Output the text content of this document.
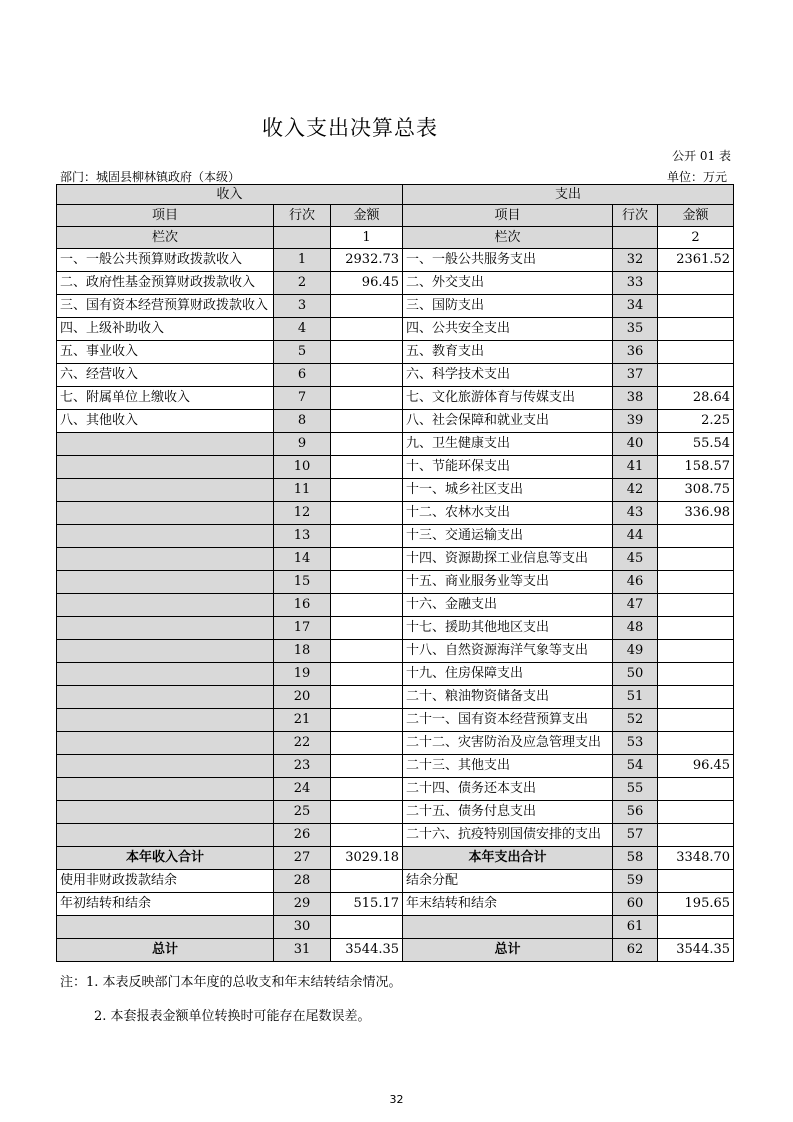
收入支出决算总表
公开 01 表
部门：城固县柳林镇政府（本级）	单位：万元
收入			支出		
项目	行次	金额	项目	行次	金额
栏次		1	栏次		2
一、一般公共预算财政拨款收入	1	2932.73	一、一般公共服务支出	32	2361.52
二、政府性基金预算财政拨款收入	2	96.45	二、外交支出	33	
三、国有资本经营预算财政拨款收入	3		三、国防支出	34	
四、上级补助收入	4		四、公共安全支出	35	
五、事业收入	5		五、教育支出	36	
六、经营收入	6		六、科学技术支出	37	
七、附属单位上缴收入	7		七、文化旅游体育与传媒支出	38	28.64
八、其他收入	8		八、社会保障和就业支出	39	2.25
	9		九、卫生健康支出	40	55.54
	10		十、节能环保支出	41	158.57
	11		十一、城乡社区支出	42	308.75
	12		十二、农林水支出	43	336.98
	13		十三、交通运输支出	44	
	14		十四、资源勘探工业信息等支出	45	
	15		十五、商业服务业等支出	46	
	16		十六、金融支出	47	
	17		十七、援助其他地区支出	48	
	18		十八、自然资源海洋气象等支出	49	
	19		十九、住房保障支出	50	
	20		二十、粮油物资储备支出	51	
	21		二十一、国有资本经营预算支出	52	
	22		二十二、灾害防治及应急管理支出	53	
	23		二十三、其他支出	54	96.45
	24		二十四、债务还本支出	55	
	25		二十五、债务付息支出	56	
	26		二十六、抗疫特别国债安排的支出	57	
本年收入合计	27	3029.18	本年支出合计	58	3348.70
使用非财政拨款结余	28		结余分配	59	
年初结转和结余	29	515.17	年末结转和结余	60	195.65
	30			61	
总计	31	3544.35	总计	62	3544.35
注：1. 本表反映部门本年度的总收支和年末结转结余情况。
2. 本套报表金额单位转换时可能存在尾数误差。
32
